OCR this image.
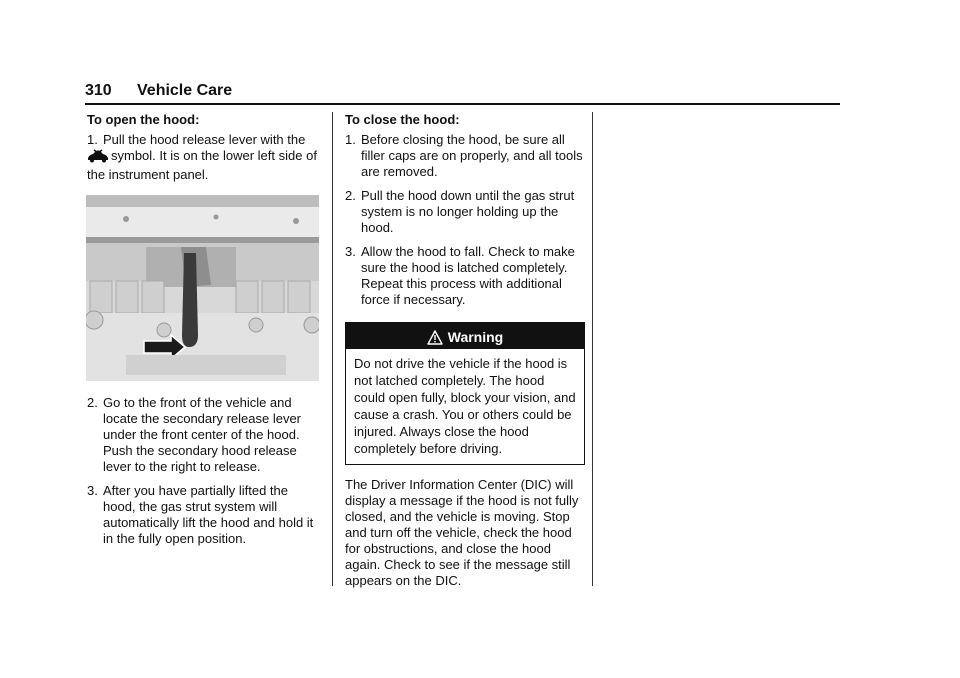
310 Vehicle Care

To open the hood:

1. Pull the hood release lever with the
symbol. It is on the lower left side of the instrument panel.
2. Go to the front of the vehicle and locate the secondary release lever under the front center of the hood. Push the secondary hood release lever to the right to release.
3. After you have partially lifted the hood, the gas strut system will automatically lift the hood and hold it in the fully open position.

To close the hood:

1. Before closing the hood, be sure all filler caps are on properly, and all tools are removed.
2. Pull the hood down until the gas strut system is no longer holding up the hood.
3. Allow the hood to fall. Check to make sure the hood is latched completely. Repeat this process with additional force if necessary.
Warning
Do not drive the vehicle if the hood is not latched completely. The hood could open fully, block your vision, and cause a crash. You or others could be injured. Always close the hood completely before driving.

The Driver Information Center (DIC) will display a message if the hood is not fully closed, and the vehicle is moving. Stop and turn off the vehicle, check the hood for obstructions, and close the hood again. Check to see if the message still appears on the DIC.
